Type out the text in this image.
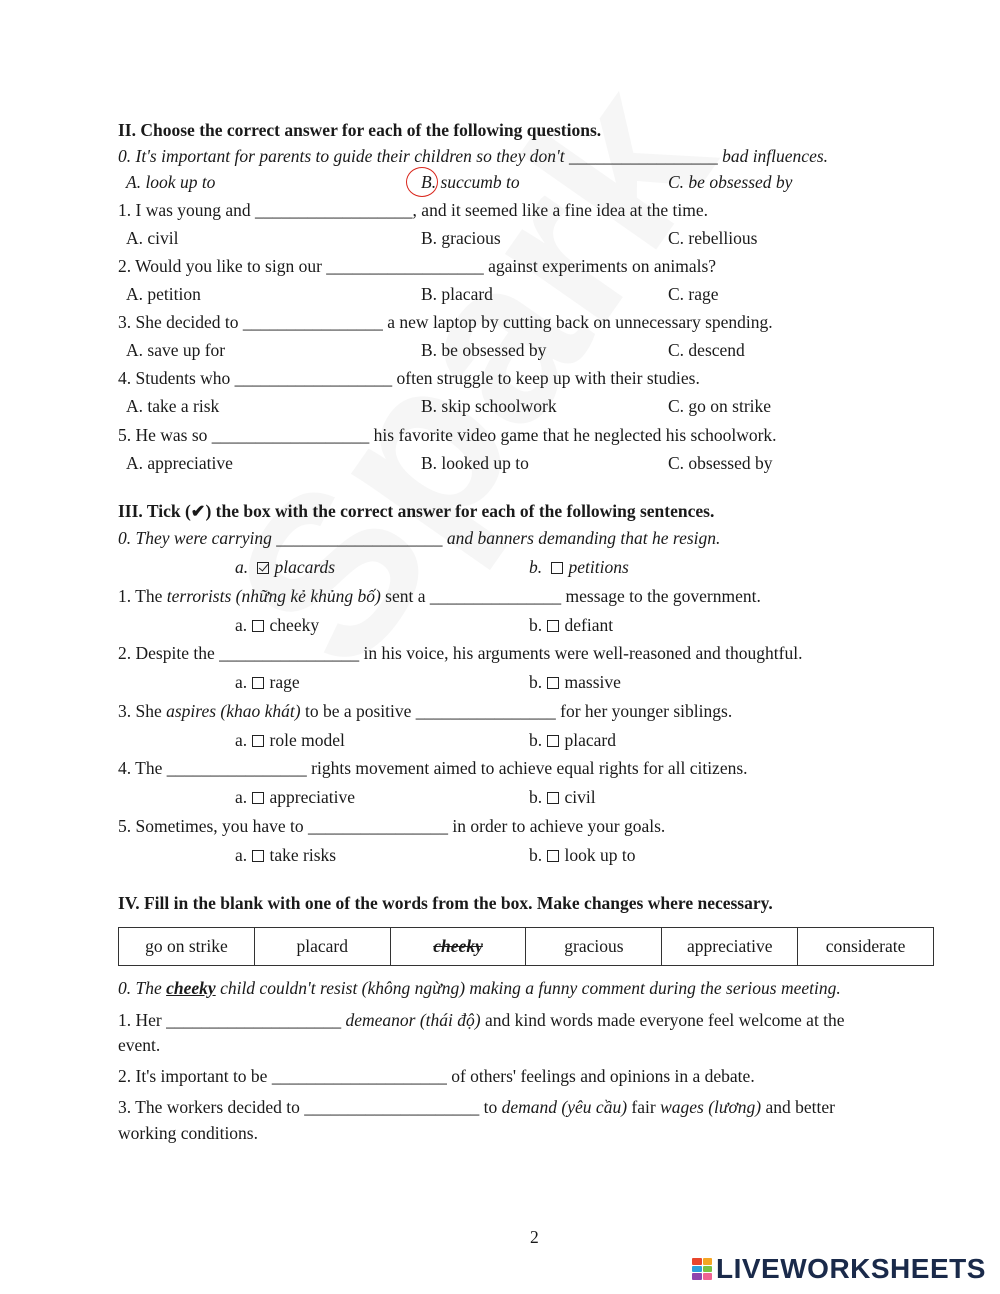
II. Choose the correct answer for each of the following questions.
0. It's important for parents to guide their children so they don't _________________ bad influences.
A. look up to	B. succumb to	C. be obsessed by
1. I was young and __________________, and it seemed like a fine idea at the time.
A. civil	B. gracious	C. rebellious
2. Would you like to sign our __________________ against experiments on animals?
A. petition	B. placard	C. rage
3. She decided to ________________ a new laptop by cutting back on unnecessary spending.
A. save up for	B. be obsessed by	C. descend
4. Students who __________________ often struggle to keep up with their studies.
A. take a risk	B. skip schoolwork	C. go on strike
5. He was so __________________ his favorite video game that he neglected his schoolwork.
A. appreciative	B. looked up to	C. obsessed by
III. Tick (✔) the box with the correct answer for each of the following sentences.
0. They were carrying ___________________ and banners demanding that he resign.
a. placards	b. petitions
1. The terrorists (những kẻ khủng bố) sent a _______________ message to the government.
a. cheeky	b. defiant
2. Despite the ________________ in his voice, his arguments were well-reasoned and thoughtful.
a. rage	b. massive
3. She aspires (khao khát) to be a positive ________________ for her younger siblings.
a. role model	b. placard
4. The ________________ rights movement aimed to achieve equal rights for all citizens.
a. appreciative	b. civil
5. Sometimes, you have to ________________ in order to achieve your goals.
a. take risks	b. look up to
IV. Fill in the blank with one of the words from the box. Make changes where necessary.
go on strike	placard	cheeky	gracious	appreciative	considerate
0. The cheeky child couldn't resist (không ngừng) making a funny comment during the serious meeting.
1. Her ____________________ demeanor (thái độ) and kind words made everyone feel welcome at the
event.
2. It's important to be ____________________ of others' feelings and opinions in a debate.
3. The workers decided to ____________________ to demand (yêu cầu) fair wages (lương) and better
working conditions.
2
LIVEWORKSHEETS
